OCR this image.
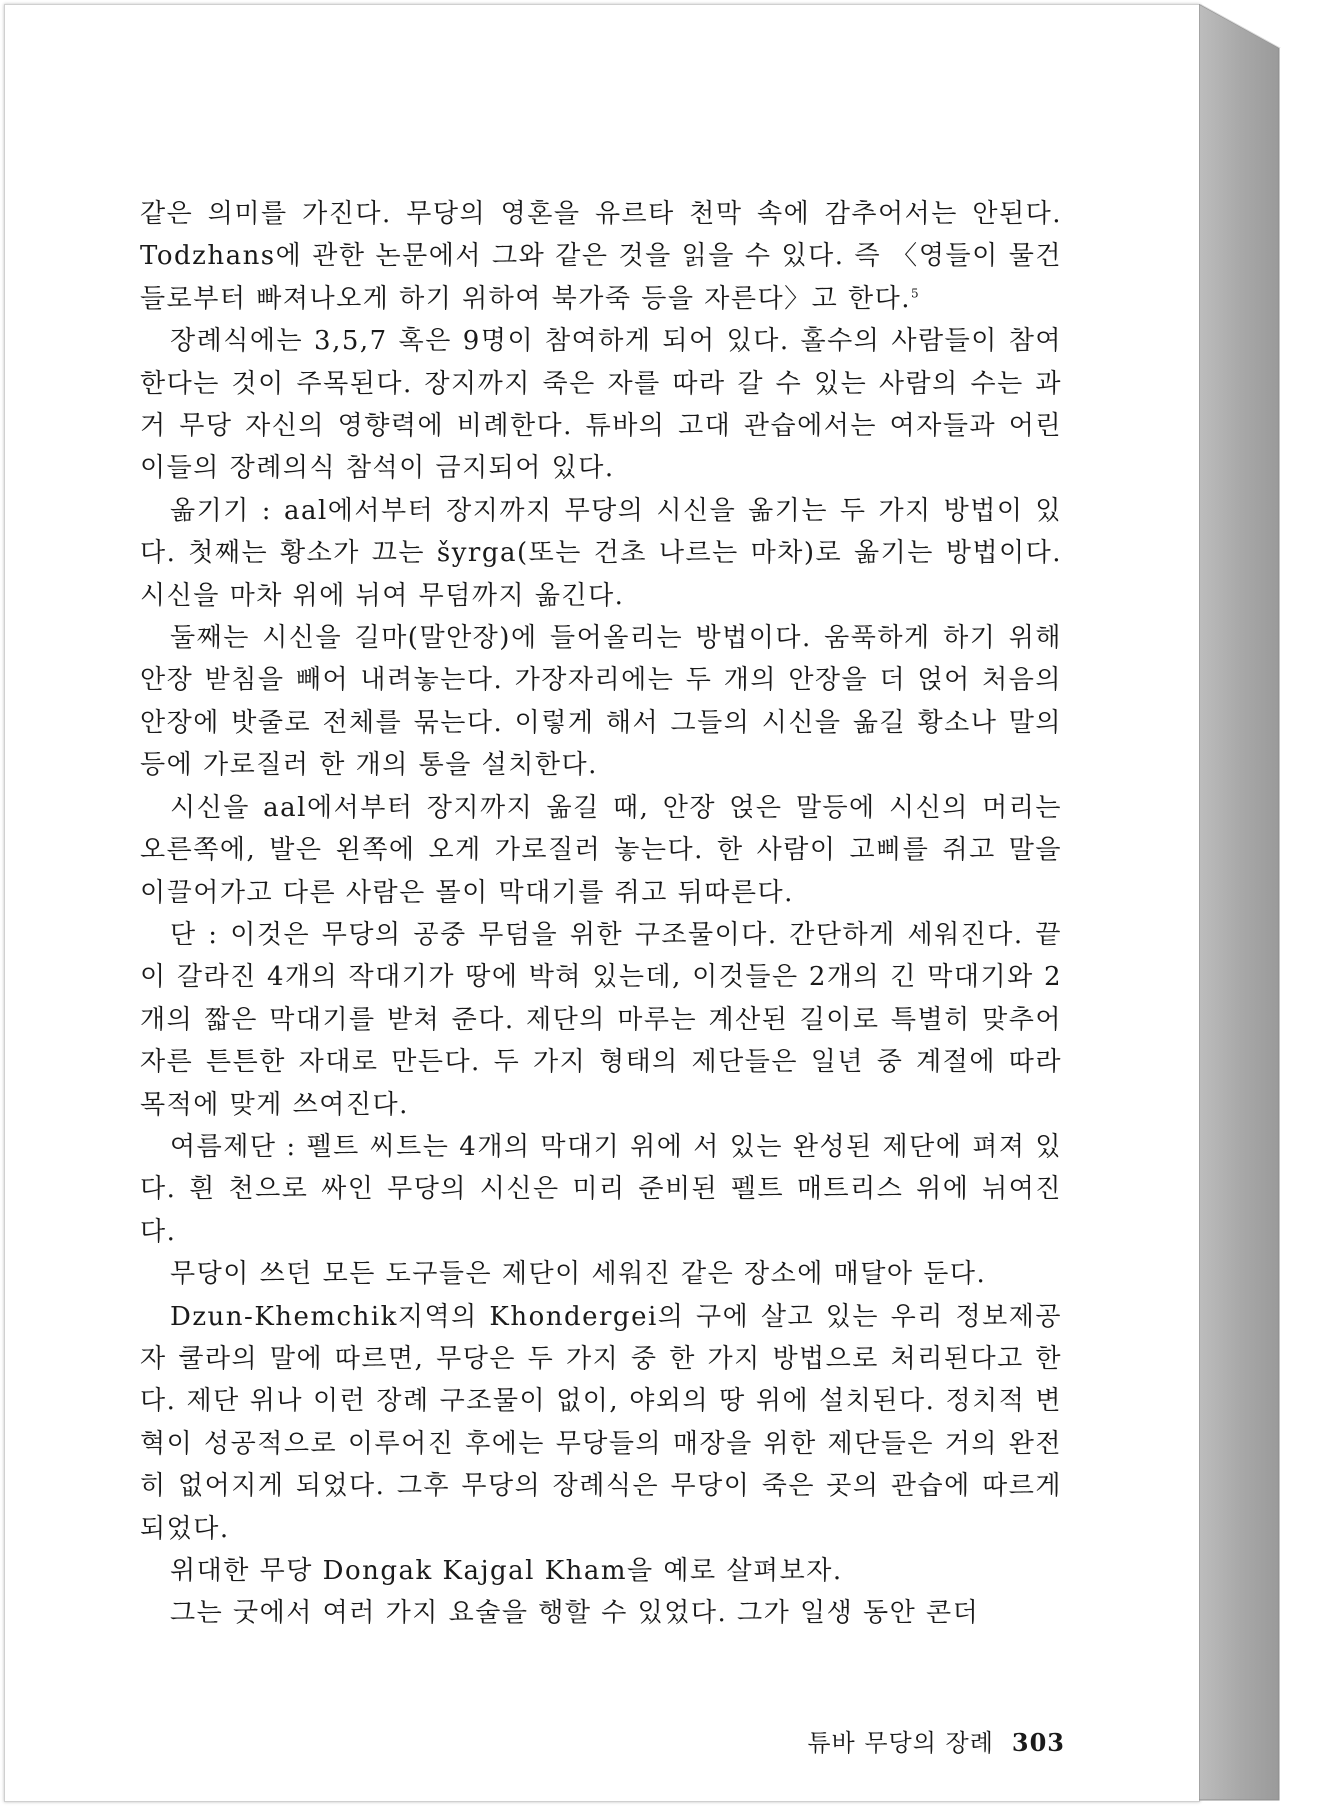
같은 의미를 가진다. 무당의 영혼을 유르타 천막 속에 감추어서는 안된다. Todzhans에 관한 논문에서 그와 같은 것을 읽을 수 있다. 즉 〈영들이 물건들로부터 빠져나오게 하기 위하여 북가죽 등을 자른다〉고 한다.$^5$

장례식에는 3,5,7 혹은 9명이 참여하게 되어 있다. 홀수의 사람들이 참여한다는 것이 주목된다. 장지까지 죽은 자를 따라 갈 수 있는 사람의 수는 과거 무당 자신의 영향력에 비례한다. 튜바의 고대 관습에서는 여자들과 어린이들의 장례의식 참석이 금지되어 있다.

옮기기 : aal에서부터 장지까지 무당의 시신을 옮기는 두 가지 방법이 있다. 첫째는 황소가 끄는 šyrga(또는 건초 나르는 마차)로 옮기는 방법이다. 시신을 마차 위에 뉘여 무덤까지 옮긴다.

둘째는 시신을 길마(말안장)에 들어올리는 방법이다. 움푹하게 하기 위해 안장 받침을 빼어 내려놓는다. 가장자리에는 두 개의 안장을 더 얹어 처음의 안장에 밧줄로 전체를 묶는다. 이렇게 해서 그들의 시신을 옮길 황소나 말의 등에 가로질러 한 개의 통을 설치한다.

시신을 aal에서부터 장지까지 옮길 때, 안장 얹은 말등에 시신의 머리는 오른쪽에, 발은 왼쪽에 오게 가로질러 놓는다. 한 사람이 고삐를 쥐고 말을 이끌어가고 다른 사람은 몰이 막대기를 쥐고 뒤따른다.

단 : 이것은 무당의 공중 무덤을 위한 구조물이다. 간단하게 세워진다. 끝이 갈라진 4개의 작대기가 땅에 박혀 있는데, 이것들은 2개의 긴 막대기와 2개의 짧은 막대기를 받쳐 준다. 제단의 마루는 계산된 길이로 특별히 맞추어 자른 튼튼한 자대로 만든다. 두 가지 형태의 제단들은 일년 중 계절에 따라 목적에 맞게 쓰여진다.

여름제단 : 펠트 씨트는 4개의 막대기 위에 서 있는 완성된 제단에 펴져 있다. 흰 천으로 싸인 무당의 시신은 미리 준비된 펠트 매트리스 위에 뉘여진다.

무당이 쓰던 모든 도구들은 제단이 세워진 같은 장소에 매달아 둔다.

Dzun-Khemchik지역의 Khondergei의 구에 살고 있는 우리 정보제공자 쿨라의 말에 따르면, 무당은 두 가지 중 한 가지 방법으로 처리된다고 한다. 제단 위나 이런 장례 구조물이 없이, 야외의 땅 위에 설치된다. 정치적 변혁이 성공적으로 이루어진 후에는 무당들의 매장을 위한 제단들은 거의 완전히 없어지게 되었다. 그후 무당의 장례식은 무당이 죽은 곳의 관습에 따르게 되었다.

위대한 무당 Dongak Kajgal Kham을 예로 살펴보자.

그는 굿에서 여러 가지 요술을 행할 수 있었다. 그가 일생 동안 콘더

튜바 무당의 장례 303
